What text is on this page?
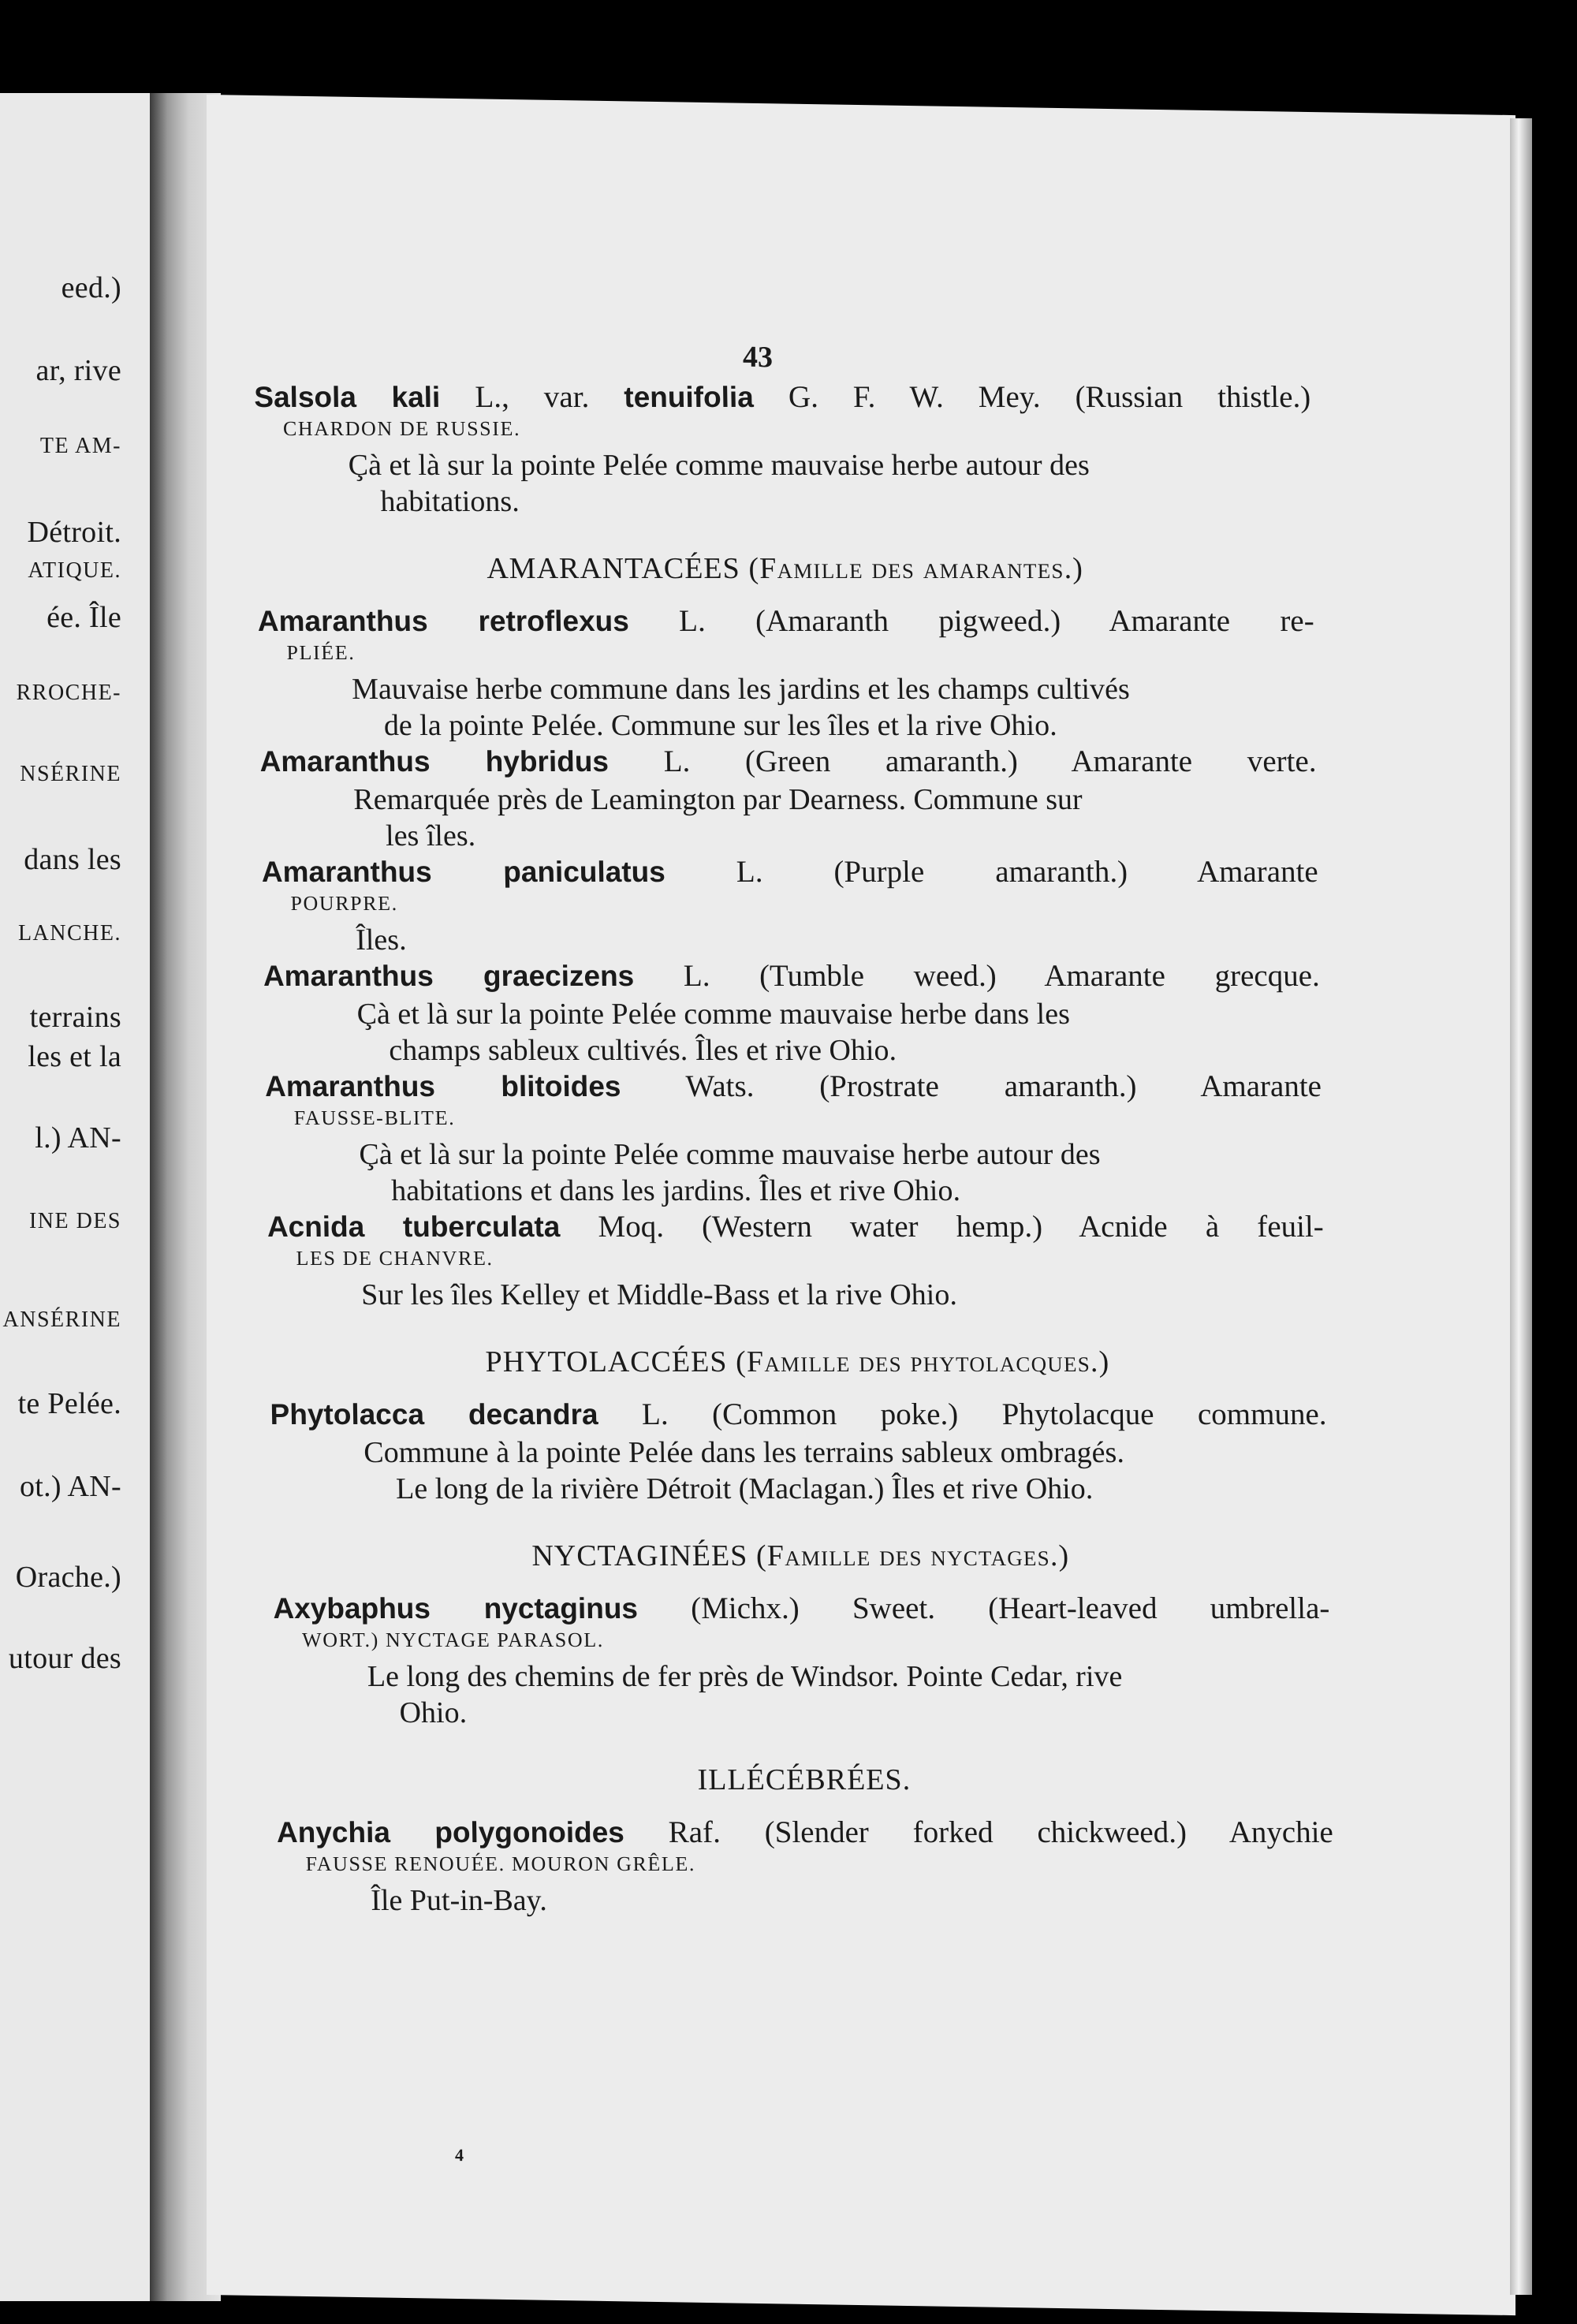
eed.)
ar, rive
TE AM-
Détroit.
ATIQUE.
ée. Île
RROCHE-
NSÉRINE
dans les
LANCHE.
terrains
les et la
l.) AN-
INE DES
ANSÉRINE
te Pelée.
ot.) AN-
Orache.)
utour des
43

Salsola kali L., var. tenuifolia G. F. W. Mey. (Russian thistle.)

CHARDON DE RUSSIE.

Çà et là sur la pointe Pelée comme mauvaise herbe autour des
habitations.

AMARANTACÉES (Famille des amarantes.)

Amaranthus retroflexus L. (Amaranth pigweed.) Amarante re-

PLIÉE.

Mauvaise herbe commune dans les jardins et les champs cultivés
de la pointe Pelée. Commune sur les îles et la rive Ohio.

Amaranthus hybridus L. (Green amaranth.) Amarante verte.

Remarquée près de Leamington par Dearness. Commune sur
les îles.

Amaranthus paniculatus L. (Purple amaranth.) Amarante

POURPRE.

Îles.

Amaranthus graecizens L. (Tumble weed.) Amarante grecque.

Çà et là sur la pointe Pelée comme mauvaise herbe dans les
champs sableux cultivés. Îles et rive Ohio.

Amaranthus blitoides Wats. (Prostrate amaranth.) Amarante

FAUSSE-BLITE.

Çà et là sur la pointe Pelée comme mauvaise herbe autour des
habitations et dans les jardins. Îles et rive Ohio.

Acnida tuberculata Moq. (Western water hemp.) Acnide à feuil-

LES DE CHANVRE.

Sur les îles Kelley et Middle-Bass et la rive Ohio.

PHYTOLACCÉES (Famille des phytolacques.)

Phytolacca decandra L. (Common poke.) Phytolacque commune.

Commune à la pointe Pelée dans les terrains sableux ombragés.
Le long de la rivière Détroit (Maclagan.) Îles et rive Ohio.

NYCTAGINÉES (Famille des nyctages.)

Axybaphus nyctaginus (Michx.) Sweet. (Heart-leaved umbrella-

WORT.) NYCTAGE PARASOL.

Le long des chemins de fer près de Windsor. Pointe Cedar, rive
Ohio.

ILLÉCÉBRÉES.

Anychia polygonoides Raf. (Slender forked chickweed.) Anychie

FAUSSE RENOUÉE. MOURON GRÊLE.

Île Put-in-Bay.

4
